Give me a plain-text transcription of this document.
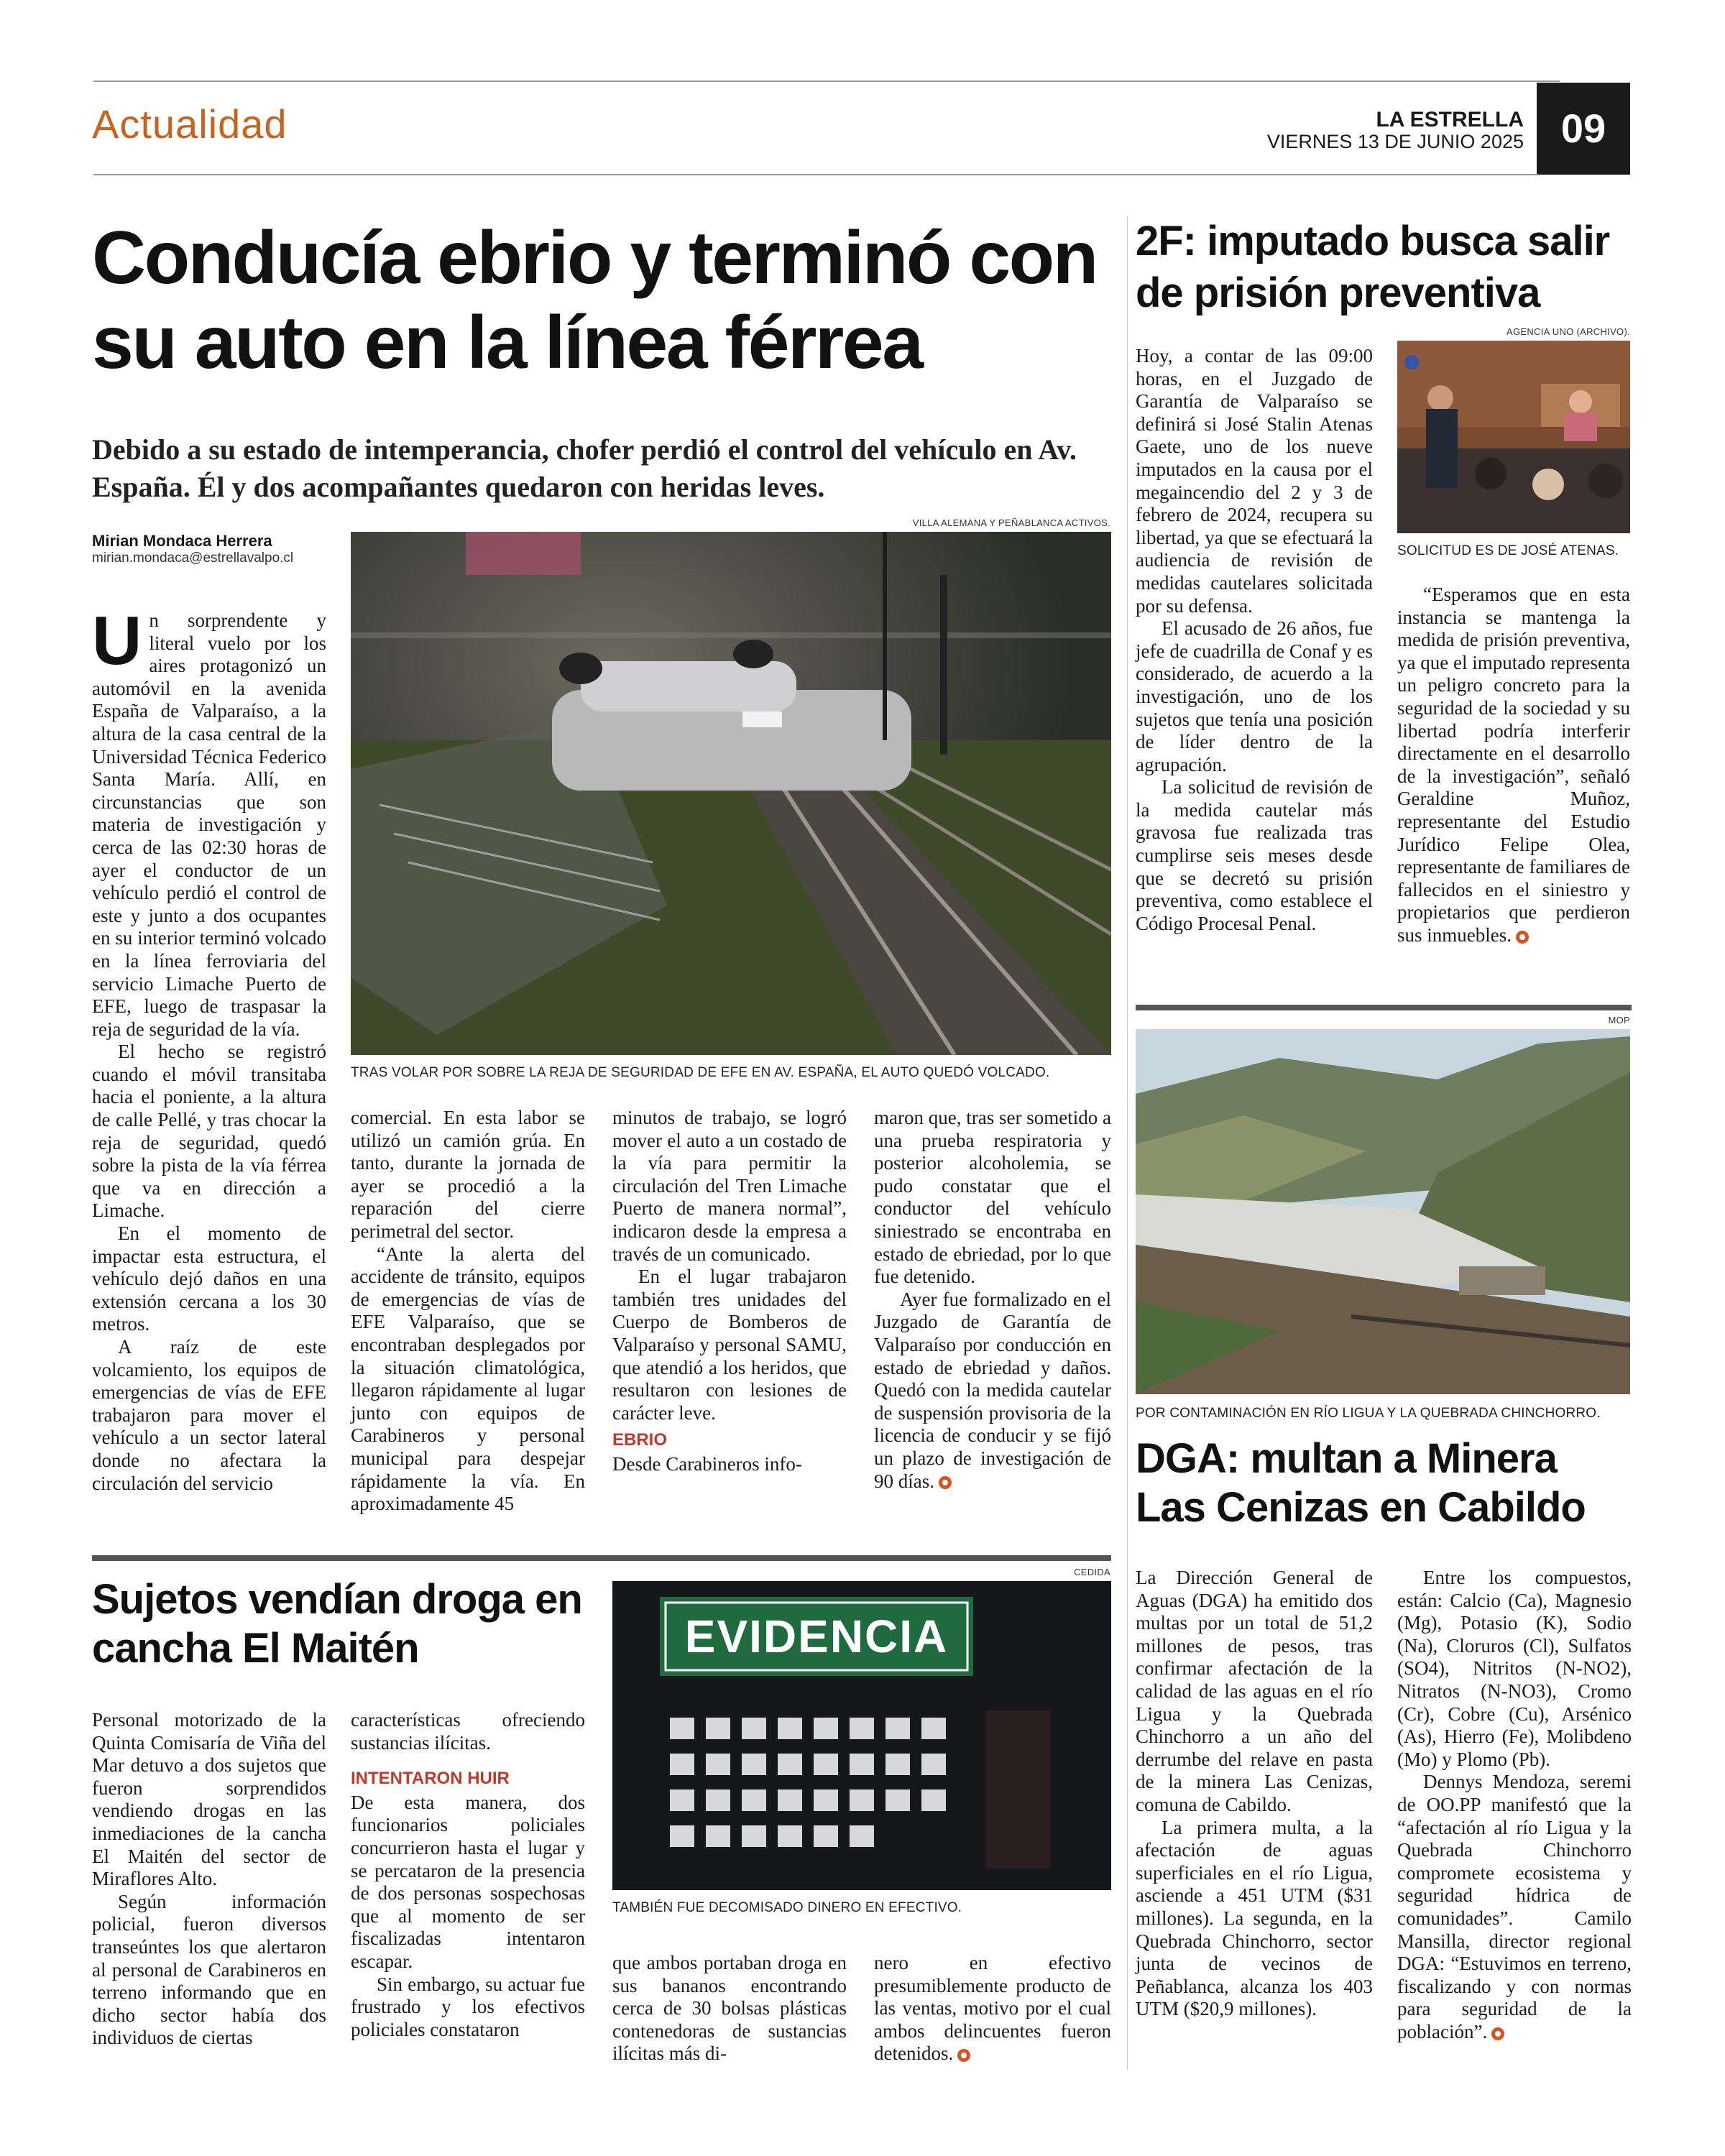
Actualidad	LA ESTRELLA
VIERNES 13 DE JUNIO 2025 09
Conducía ebrio y terminó con su auto en la línea férrea
Debido a su estado de intemperancia, chofer perdió el control del vehículo en Av. España. Él y dos acompañantes quedaron con heridas leves.
Mirian Mondaca Herrera
mirian.mondaca@estrellavalpo.cl
VILLA ALEMANA Y PEÑABLANCA ACTIVOS.
TRAS VOLAR POR SOBRE LA REJA DE SEGURIDAD DE EFE EN AV. ESPAÑA, EL AUTO QUEDÓ VOLCADO.

Un sorprendente y literal vuelo por los aires protagonizó un automóvil en la avenida España de Valparaíso, a la altura de la casa central de la Universidad Técnica Federico Santa María. Allí, en circunstancias que son materia de investigación y cerca de las 02:30 horas de ayer el conductor de un vehículo perdió el control de este y junto a dos ocupantes en su interior terminó volcado en la línea ferroviaria del servicio Limache Puerto de EFE, luego de traspasar la reja de seguridad de la vía.

El hecho se registró cuando el móvil transitaba hacia el poniente, a la altura de calle Pellé, y tras chocar la reja de seguridad, quedó sobre la pista de la vía férrea que va en dirección a Limache.

En el momento de impactar esta estructura, el vehículo dejó daños en una extensión cercana a los 30 metros.

A raíz de este volcamiento, los equipos de emergencias de vías de EFE trabajaron para mover el vehículo a un sector lateral donde no afectara la circulación del servicio

comercial. En esta labor se utilizó un camión grúa. En tanto, durante la jornada de ayer se procedió a la reparación del cierre perimetral del sector.

“Ante la alerta del accidente de tránsito, equipos de emergencias de vías de EFE Valparaíso, que se encontraban desplegados por la situación climatológica, llegaron rápidamente al lugar junto con equipos de Carabineros y personal municipal para despejar rápidamente la vía. En aproximadamente 45

minutos de trabajo, se logró mover el auto a un costado de la vía para permitir la circulación del Tren Limache Puerto de manera normal”, indicaron desde la empresa a través de un comunicado.

En el lugar trabajaron también tres unidades del Cuerpo de Bomberos de Valparaíso y personal SAMU, que atendió a los heridos, que resultaron con lesiones de carácter leve.

EBRIO

Desde Carabineros info-

maron que, tras ser sometido a una prueba respiratoria y posterior alcoholemia, se pudo constatar que el conductor del vehículo siniestrado se encontraba en estado de ebriedad, por lo que fue detenido.

Ayer fue formalizado en el Juzgado de Garantía de Valparaíso por conducción en estado de ebriedad y daños. Quedó con la medida cautelar de suspensión provisoria de la licencia de conducir y se fijó un plazo de investigación de 90 días.

2F: imputado busca salir de prisión preventiva
AGENCIA UNO (ARCHIVO).
SOLICITUD ES DE JOSÉ ATENAS.

Hoy, a contar de las 09:00 horas, en el Juzgado de Garantía de Valparaíso se definirá si José Stalin Atenas Gaete, uno de los nueve imputados en la causa por el megaincendio del 2 y 3 de febrero de 2024, recupera su libertad, ya que se efectuará la audiencia de revisión de medidas cautelares solicitada por su defensa.

El acusado de 26 años, fue jefe de cuadrilla de Conaf y es considerado, de acuerdo a la investigación, uno de los sujetos que tenía una posición de líder dentro de la agrupación.

La solicitud de revisión de la medida cautelar más gravosa fue realizada tras cumplirse seis meses desde que se decretó su prisión preventiva, como establece el Código Procesal Penal.

“Esperamos que en esta instancia se mantenga la medida de prisión preventiva, ya que el imputado representa un peligro concreto para la seguridad de la sociedad y su libertad podría interferir directamente en el desarrollo de la investigación”, señaló Geraldine Muñoz, representante del Estudio Jurídico Felipe Olea, representante de familiares de fallecidos en el siniestro y propietarios que perdieron sus inmuebles.

MOP
POR CONTAMINACIÓN EN RÍO LIGUA Y LA QUEBRADA CHINCHORRO.
DGA: multan a Minera Las Cenizas en Cabildo

La Dirección General de Aguas (DGA) ha emitido dos multas por un total de 51,2 millones de pesos, tras confirmar afectación de la calidad de las aguas en el río Ligua y la Quebrada Chinchorro a un año del derrumbe del relave en pasta de la minera Las Cenizas, comuna de Cabildo.

La primera multa, a la afectación de aguas superficiales en el río Ligua, asciende a 451 UTM ($31 millones). La segunda, en la Quebrada Chinchorro, sector junta de vecinos de Peñablanca, alcanza los 403 UTM ($20,9 millones).

Entre los compuestos, están: Calcio (Ca), Magnesio (Mg), Potasio (K), Sodio (Na), Cloruros (Cl), Sulfatos (SO4), Nitritos (N-NO2), Nitratos (N-NO3), Cromo (Cr), Cobre (Cu), Arsénico (As), Hierro (Fe), Molibdeno (Mo) y Plomo (Pb).

Dennys Mendoza, seremi de OO.PP manifestó que la “afectación al río Ligua y la Quebrada Chinchorro compromete ecosistema y seguridad hídrica de comunidades”. Camilo Mansilla, director regional DGA: “Estuvimos en terreno, fiscalizando y con normas para seguridad de la población”.

Sujetos vendían droga en cancha El Maitén
CEDIDA
EVIDENCIA
TAMBIÉN FUE DECOMISADO DINERO EN EFECTIVO.

Personal motorizado de la Quinta Comisaría de Viña del Mar detuvo a dos sujetos que fueron sorprendidos vendiendo drogas en las inmediaciones de la cancha El Maitén del sector de Miraflores Alto.

Según información policial, fueron diversos transeúntes los que alertaron al personal de Carabineros en terreno informando que en dicho sector había dos individuos de ciertas

características ofreciendo sustancias ilícitas.

INTENTARON HUIR

De esta manera, dos funcionarios policiales concurrieron hasta el lugar y se percataron de la presencia de dos personas sospechosas que al momento de ser fiscalizadas intentaron escapar.

Sin embargo, su actuar fue frustrado y los efectivos policiales constataron

que ambos portaban droga en sus bananos encontrando cerca de 30 bolsas plásticas contenedoras de sustancias ilícitas más di-

nero en efectivo presumiblemente producto de las ventas, motivo por el cual ambos delincuentes fueron detenidos.
